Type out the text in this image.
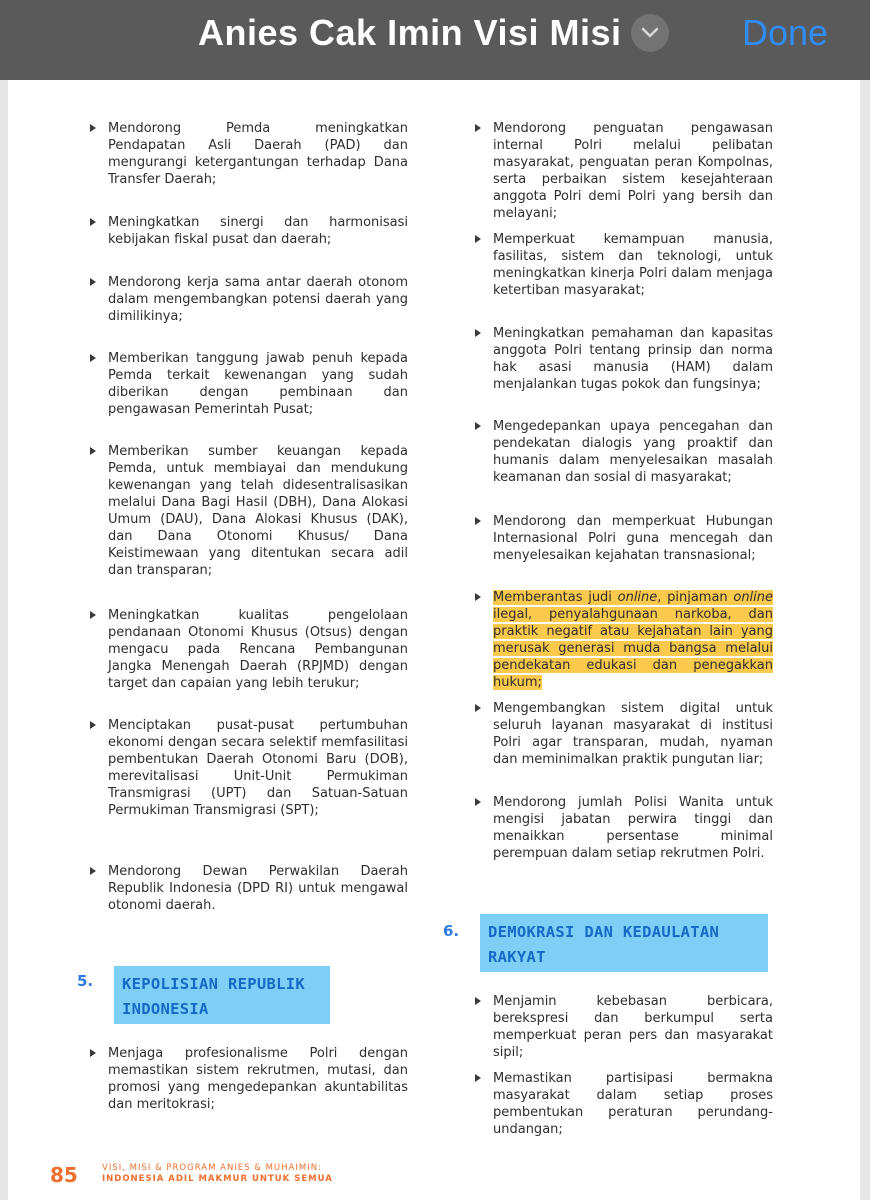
Anies Cak Imin Visi Misi	Done
Mendorong Pemda meningkatkan Pendapatan Asli Daerah (PAD) dan mengurangi ketergantungan terhadap Dana Transfer Daerah;
Meningkatkan sinergi dan harmonisasi kebijakan fiskal pusat dan daerah;
Mendorong kerja sama antar daerah otonom dalam mengembangkan potensi daerah yang dimilikinya;
Memberikan tanggung jawab penuh kepada Pemda terkait kewenangan yang sudah diberikan dengan pembinaan dan pengawasan Pemerintah Pusat;
Memberikan sumber keuangan kepada Pemda, untuk membiayai dan mendukung kewenangan yang telah didesentralisasikan melalui Dana Bagi Hasil (DBH), Dana Alokasi Umum (DAU), Dana Alokasi Khusus (DAK), dan Dana Otonomi Khusus/ Dana Keistimewaan yang ditentukan secara adil dan transparan;
Meningkatkan kualitas pengelolaan pendanaan Otonomi Khusus (Otsus) dengan mengacu pada Rencana Pembangunan Jangka Menengah Daerah (RPJMD) dengan target dan capaian yang lebih terukur;
Menciptakan pusat-pusat pertumbuhan ekonomi dengan secara selektif memfasilitasi pembentukan Daerah Otonomi Baru (DOB), merevitalisasi Unit-Unit Permukiman Transmigrasi (UPT) dan Satuan-Satuan Permukiman Transmigrasi (SPT);
Mendorong Dewan Perwakilan Daerah Republik Indonesia (DPD RI) untuk mengawal otonomi daerah.
5. KEPOLISIAN REPUBLIK
INDONESIA
Menjaga profesionalisme Polri dengan memastikan sistem rekrutmen, mutasi, dan promosi yang mengedepankan akuntabilitas dan meritokrasi;
Mendorong penguatan pengawasan internal Polri melalui pelibatan masyarakat, penguatan peran Kompolnas, serta perbaikan sistem kesejahteraan anggota Polri demi Polri yang bersih dan melayani;
Memperkuat kemampuan manusia, fasilitas, sistem dan teknologi, untuk meningkatkan kinerja Polri dalam menjaga ketertiban masyarakat;
Meningkatkan pemahaman dan kapasitas anggota Polri tentang prinsip dan norma hak asasi manusia (HAM) dalam menjalankan tugas pokok dan fungsinya;
Mengedepankan upaya pencegahan dan pendekatan dialogis yang proaktif dan humanis dalam menyelesaikan masalah keamanan dan sosial di masyarakat;
Mendorong dan memperkuat Hubungan Internasional Polri guna mencegah dan menyelesaikan kejahatan transnasional;
Memberantas judi online, pinjaman online ilegal, penyalahgunaan narkoba, dan praktik negatif atau kejahatan lain yang merusak generasi muda bangsa melalui pendekatan edukasi dan penegakkan hukum;
Mengembangkan sistem digital untuk seluruh layanan masyarakat di institusi Polri agar transparan, mudah, nyaman dan meminimalkan praktik pungutan liar;
Mendorong jumlah Polisi Wanita untuk mengisi jabatan perwira tinggi dan menaikkan persentase minimal perempuan dalam setiap rekrutmen Polri.
6. DEMOKRASI DAN KEDAULATAN
RAKYAT
Menjamin kebebasan berbicara, berekspresi dan berkumpul serta memperkuat peran pers dan masyarakat sipil;
Memastikan partisipasi bermakna masyarakat dalam setiap proses pembentukan peraturan perundang-undangan;
85	VISI, MISI & PROGRAM ANIES & MUHAIMIN:
INDONESIA ADIL MAKMUR UNTUK SEMUA
